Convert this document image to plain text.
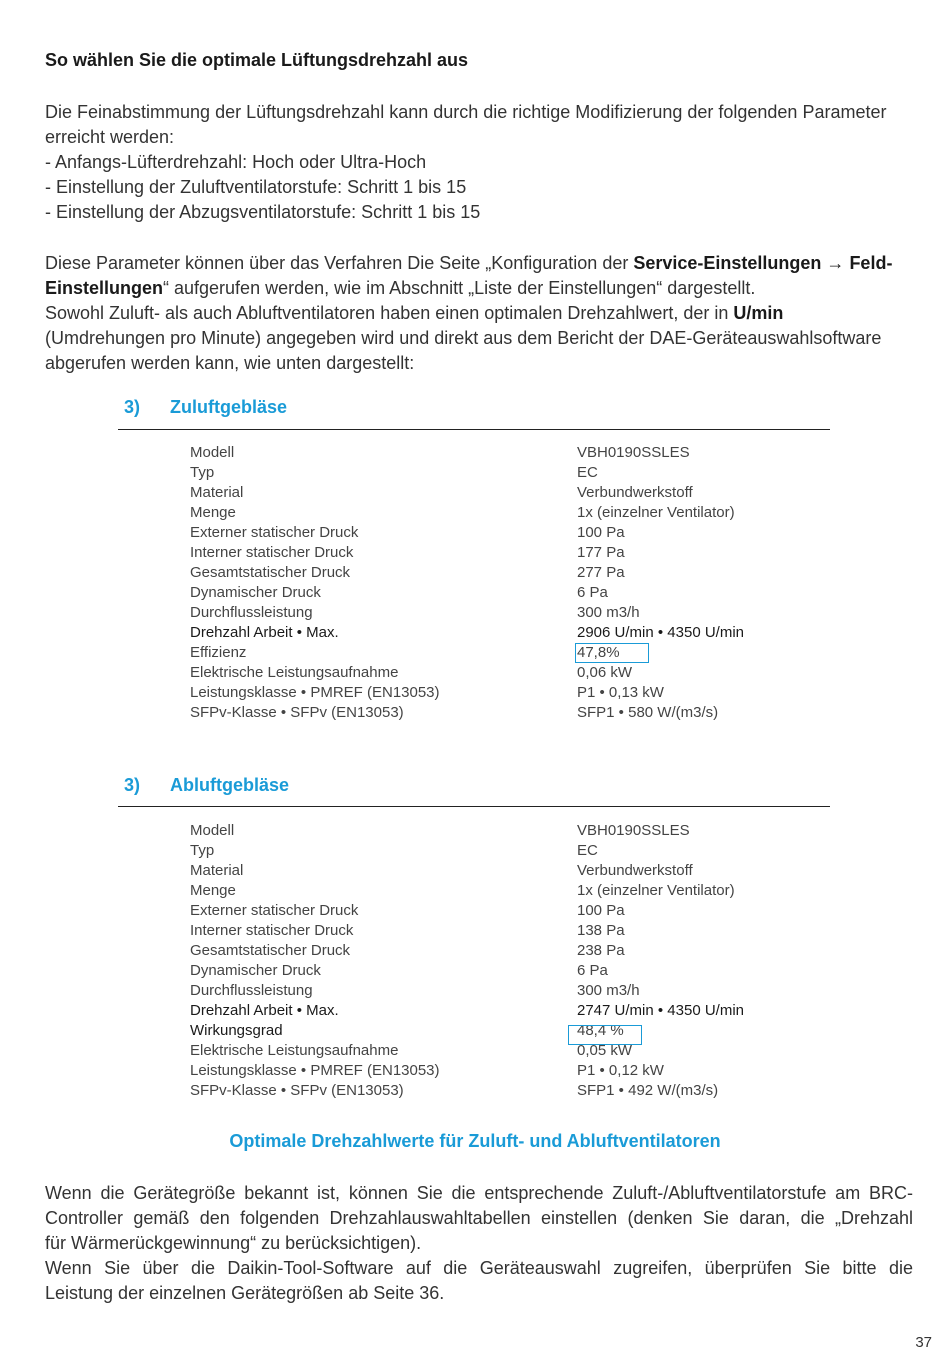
So wählen Sie die optimale Lüftungsdrehzahl aus
Die Feinabstimmung der Lüftungsdrehzahl kann durch die richtige Modifizierung der folgenden Parameter
erreicht werden:
- Anfangs-Lüfterdrehzahl: Hoch oder Ultra-Hoch
- Einstellung der Zuluftventilatorstufe: Schritt 1 bis 15
- Einstellung der Abzugsventilatorstufe: Schritt 1 bis 15
Diese Parameter können über das Verfahren Die Seite „Konfiguration der Service-Einstellungen → Feld-
Einstellungen“ aufgerufen werden, wie im Abschnitt „Liste der Einstellungen“ dargestellt.
Sowohl Zuluft- als auch Abluftventilatoren haben einen optimalen Drehzahlwert, der in U/min
(Umdrehungen pro Minute) angegeben wird und direkt aus dem Bericht der DAE-Geräteauswahlsoftware
abgerufen werden kann, wie unten dargestellt:
3) Zuluftgebläse
Modell	VBH0190SSLES
Typ	EC
Material	Verbundwerkstoff
Menge	1x (einzelner Ventilator)
Externer statischer Druck	100 Pa
Interner statischer Druck	177 Pa
Gesamtstatischer Druck	277 Pa
Dynamischer Druck	6 Pa
Durchflussleistung	300 m3/h
Drehzahl Arbeit • Max.	2906 U/min • 4350 U/min
Effizienz	47,8%
Elektrische Leistungsaufnahme	0,06 kW
Leistungsklasse • PMREF (EN13053)	P1 • 0,13 kW
SFPv-Klasse • SFPv (EN13053)	SFP1 • 580 W/(m3/s)
3) Abluftgebläse
Modell	VBH0190SSLES
Typ	EC
Material	Verbundwerkstoff
Menge	1x (einzelner Ventilator)
Externer statischer Druck	100 Pa
Interner statischer Druck	138 Pa
Gesamtstatischer Druck	238 Pa
Dynamischer Druck	6 Pa
Durchflussleistung	300 m3/h
Drehzahl Arbeit • Max.	2747 U/min • 4350 U/min
Wirkungsgrad	48,4 %
Elektrische Leistungsaufnahme	0,05 kW
Leistungsklasse • PMREF (EN13053)	P1 • 0,12 kW
SFPv-Klasse • SFPv (EN13053)	SFP1 • 492 W/(m3/s)
Optimale Drehzahlwerte für Zuluft- und Abluftventilatoren
Wenn die Gerätegröße bekannt ist, können Sie die entsprechende Zuluft-/Abluftventilatorstufe am BRC-
Controller gemäß den folgenden Drehzahlauswahltabellen einstellen (denken Sie daran, die „Drehzahl
für Wärmerückgewinnung“ zu berücksichtigen).
Wenn Sie über die Daikin-Tool-Software auf die Geräteauswahl zugreifen, überprüfen Sie bitte die
Leistung der einzelnen Gerätegrößen ab Seite 36.
37
